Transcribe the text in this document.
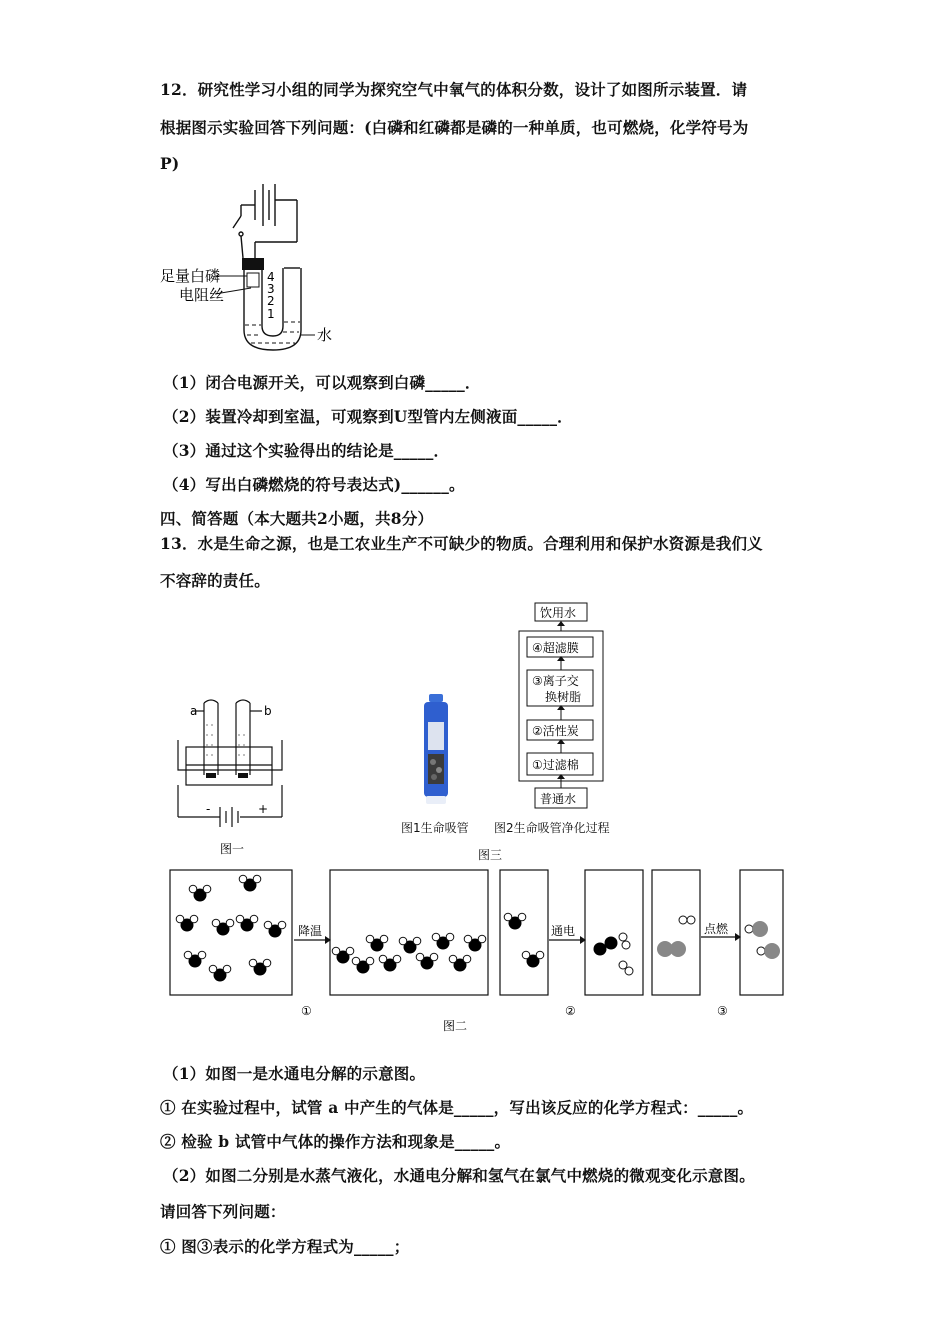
12．研究性学习小组的同学为探究空气中氧气的体积分数，设计了如图所示装置．请
根据图示实验回答下列问题：(白磷和红磷都是磷的一种单质，也可燃烧，化学符号为
P)
4
3
2
1
足量白磷
电阻丝
水
（1）闭合电源开关，可以观察到白磷_____．
（2）装置冷却到室温，可观察到U型管内左侧液面_____．
（3）通过这个实验得出的结论是_____．
（4）写出白磷燃烧的符号表达式)______。
四、简答题（本大题共2小题，共8分）
13．水是生命之源，也是工农业生产不可缺少的物质。合理利用和保护水资源是我们义
不容辞的责任。
a	b
-	+
图一
图1生命吸管 图2生命吸管净化过程
图三
饮用水
④超滤膜
③离子交
换树脂
②活性炭
①过滤棉
普通水
降温	通电	点燃
①	②	③
图二
（1）如图一是水通电分解的示意图。
① 在实验过程中，试管 a 中产生的气体是_____，写出该反应的化学方程式：_____。
② 检验 b 试管中气体的操作方法和现象是_____。
（2）如图二分别是水蒸气液化，水通电分解和氢气在氯气中燃烧的微观变化示意图。
请回答下列问题：
① 图③表示的化学方程式为_____；
